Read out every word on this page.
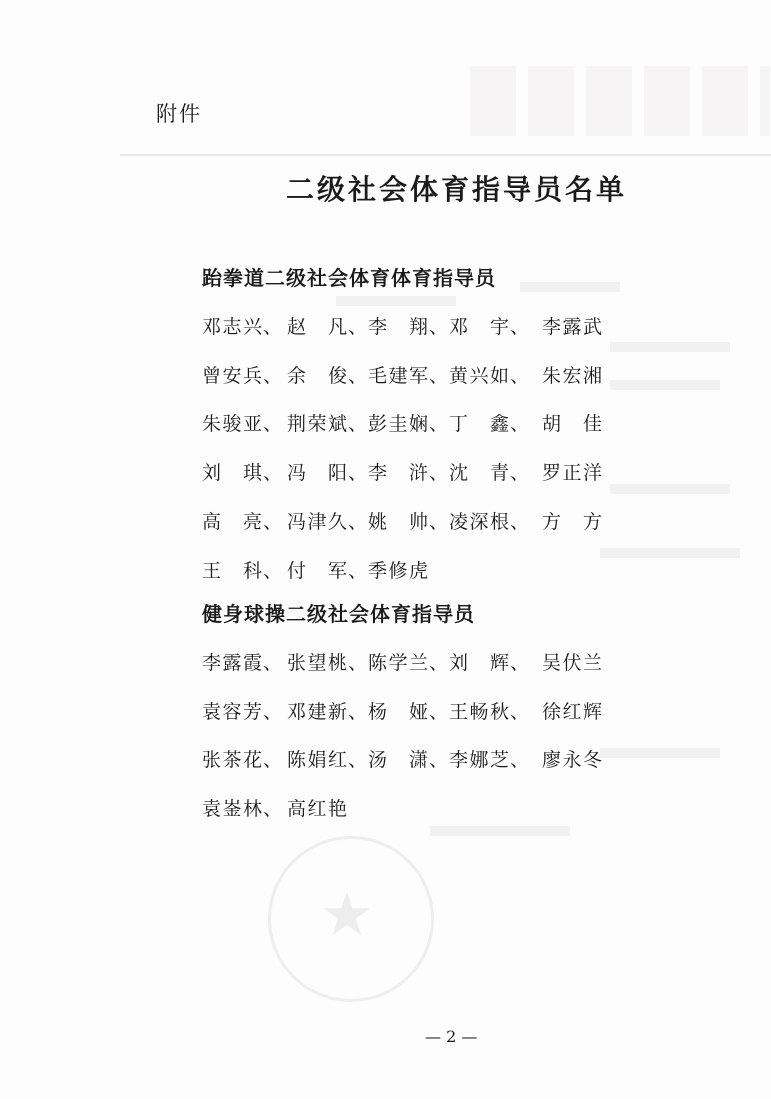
★
附件
二级社会体育指导员名单
跆拳道二级社会体育体育指导员
邓 志 兴 、 赵 凡 、 李 翔 、 邓 宇 、 李 露 武
曾 安 兵 、 余 俊 、 毛 建 军 、 黄 兴 如 、 朱 宏 湘
朱 骏 亚 、 荆 荣 斌 、 彭 圭 娴 、 丁 鑫 、 胡 佳
刘 琪 、 冯 阳 、 李 浒 、 沈 青 、 罗 正 洋
高 亮 、 冯 津 久 、 姚 帅 、 凌 深 根 、 方 方
王 科 、 付 军 、 季 修 虎
健身球操二级社会体育指导员
李 露 霞 、 张 望 桃 、 陈 学 兰 、 刘 辉 、 吴 伏 兰
袁 容 芳 、 邓 建 新 、 杨 娅 、 王 畅 秋 、 徐 红 辉
张 茶 花 、 陈 娟 红 、 汤 潇 、 李 娜 芝 、 廖 永 冬
袁 崟 林 、 高 红 艳
— 2 —
